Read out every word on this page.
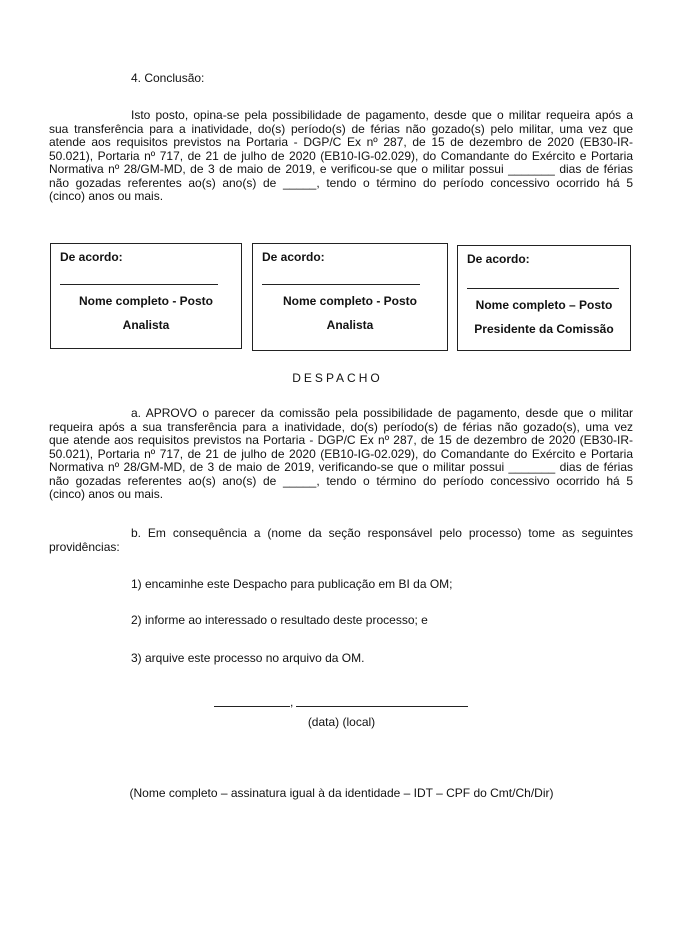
4. Conclusão:
Isto posto, opina-se pela possibilidade de pagamento, desde que o militar requeira após a
sua transferência para a inatividade, do(s) período(s) de férias não gozado(s) pelo militar, uma vez que
atende aos requisitos previstos na Portaria - DGP/C Ex nº 287, de 15 de dezembro de 2020 (EB30-IR-
50.021), Portaria nº 717, de 21 de julho de 2020 (EB10-IG-02.029), do Comandante do Exército e Portaria
Normativa nº 28/GM-MD, de 3 de maio de 2019, e verificou-se que o militar possui _______ dias de férias
não gozadas referentes ao(s) ano(s) de _____, tendo o término do período concessivo ocorrido há 5
(cinco) anos ou mais.
De acordo:
Nome completo - Posto
Analista
De acordo:
Nome completo - Posto
Analista
De acordo:
Nome completo – Posto
Presidente da Comissão
DESPACHO
a. APROVO o parecer da comissão pela possibilidade de pagamento, desde que o militar
requeira após a sua transferência para a inatividade, do(s) período(s) de férias não gozado(s), uma vez
que atende aos requisitos previstos na Portaria - DGP/C Ex nº 287, de 15 de dezembro de 2020 (EB30-IR-
50.021), Portaria nº 717, de 21 de julho de 2020 (EB10-IG-02.029), do Comandante do Exército e Portaria
Normativa nº 28/GM-MD, de 3 de maio de 2019, verificando-se que o militar possui _______ dias de férias
não gozadas referentes ao(s) ano(s) de _____, tendo o término do período concessivo ocorrido há 5
(cinco) anos ou mais.
b. Em consequência a (nome da seção responsável pelo processo) tome as seguintes
providências:
1) encaminhe este Despacho para publicação em BI da OM;
2) informe ao interessado o resultado deste processo; e
3) arquive este processo no arquivo da OM.
,
(data) (local)
(Nome completo – assinatura igual à da identidade – IDT – CPF do Cmt/Ch/Dir)
